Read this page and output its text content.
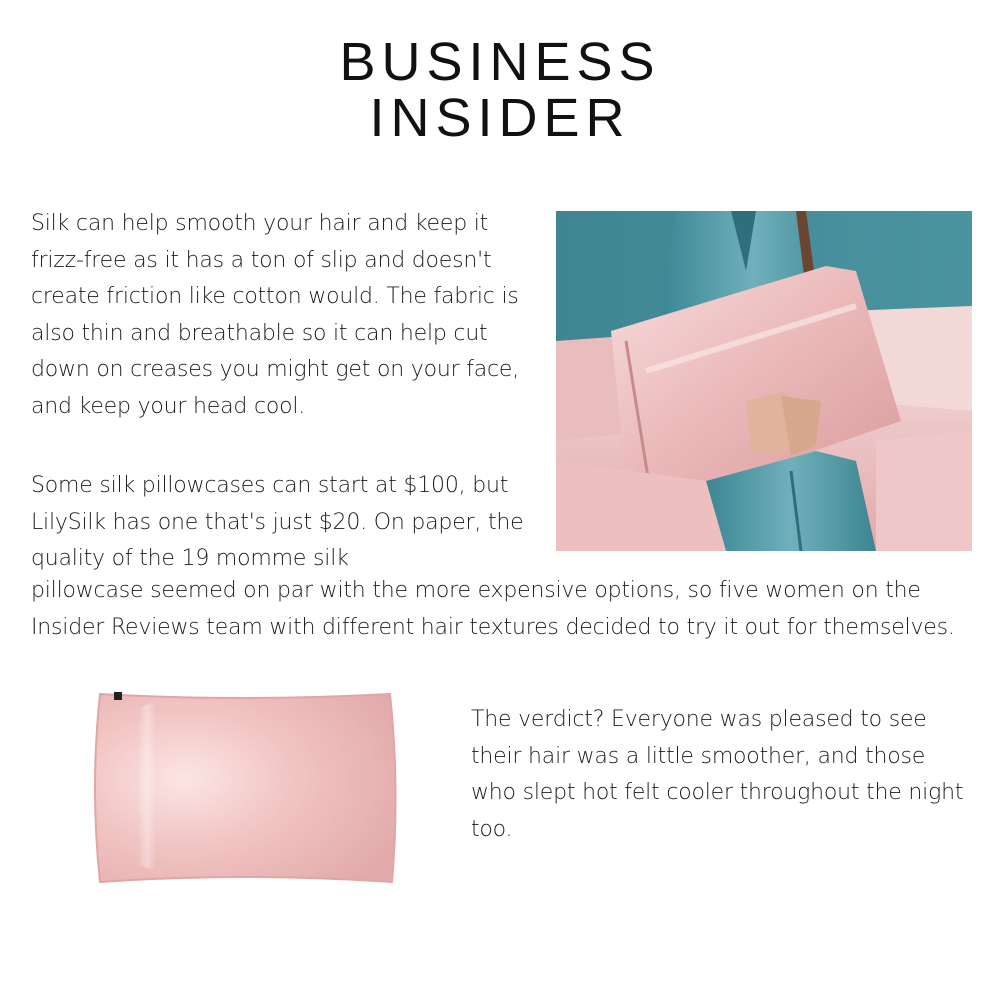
BUSINESS
INSIDER
Silk can help smooth your hair and keep it frizz-free as it has a ton of slip and doesn't create friction like cotton would. The fabric is also thin and breathable so it can help cut down on creases you might get on your face, and keep your head cool.
Some silk pillowcases can start at $100, but LilySilk has one that's just $20. On paper, the quality of the 19 momme silk
pillowcase seemed on par with the more expensive options, so five women on the Insider Reviews team with different hair textures decided to try it out for themselves.
The verdict? Everyone was pleased to see their hair was a little smoother, and those who slept hot felt cooler throughout the night too.
